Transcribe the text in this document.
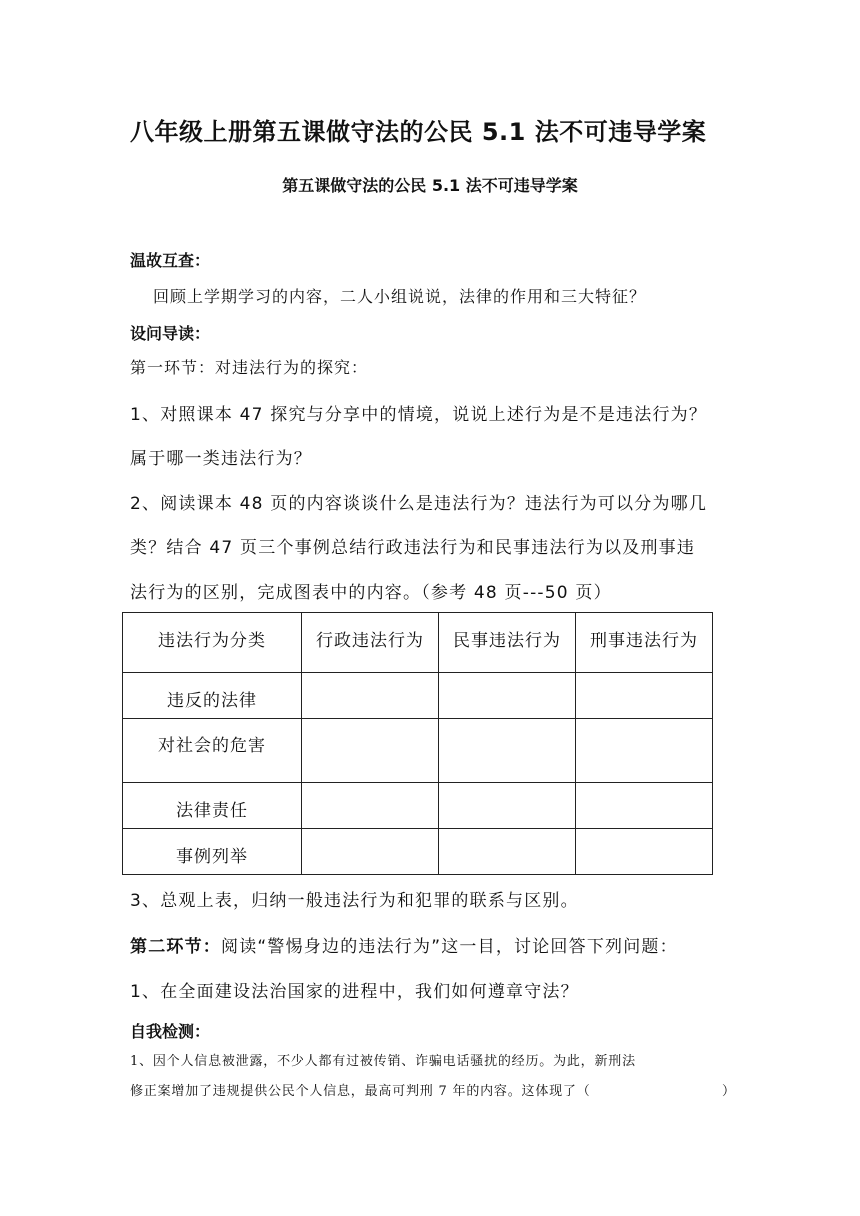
八年级上册第五课做守法的公民 5.1 法不可违导学案
第五课做守法的公民 5.1 法不可违导学案
温故互查：
回顾上学期学习的内容，二人小组说说，法律的作用和三大特征？
设问导读：
第一环节：对违法行为的探究：
1、对照课本 47 探究与分享中的情境，说说上述行为是不是违法行为？
属于哪一类违法行为？
2、阅读课本 48 页的内容谈谈什么是违法行为？违法行为可以分为哪几
类？结合 47 页三个事例总结行政违法行为和民事违法行为以及刑事违
法行为的区别，完成图表中的内容。（参考 48 页---50 页）
违法行为分类	行政违法行为	民事违法行为	刑事违法行为

违反的法律			

对社会的危害			

法律责任			

事例列举			

3、总观上表，归纳一般违法行为和犯罪的联系与区别。
第二环节：阅读“警惕身边的违法行为”这一目，讨论回答下列问题：
1、在全面建设法治国家的进程中，我们如何遵章守法？
自我检测：
1、因个人信息被泄露，不少人都有过被传销、诈骗电话骚扰的经历。为此，新刑法
修正案增加了违规提供公民个人信息，最高可判刑 7 年的内容。这体现了（	）
